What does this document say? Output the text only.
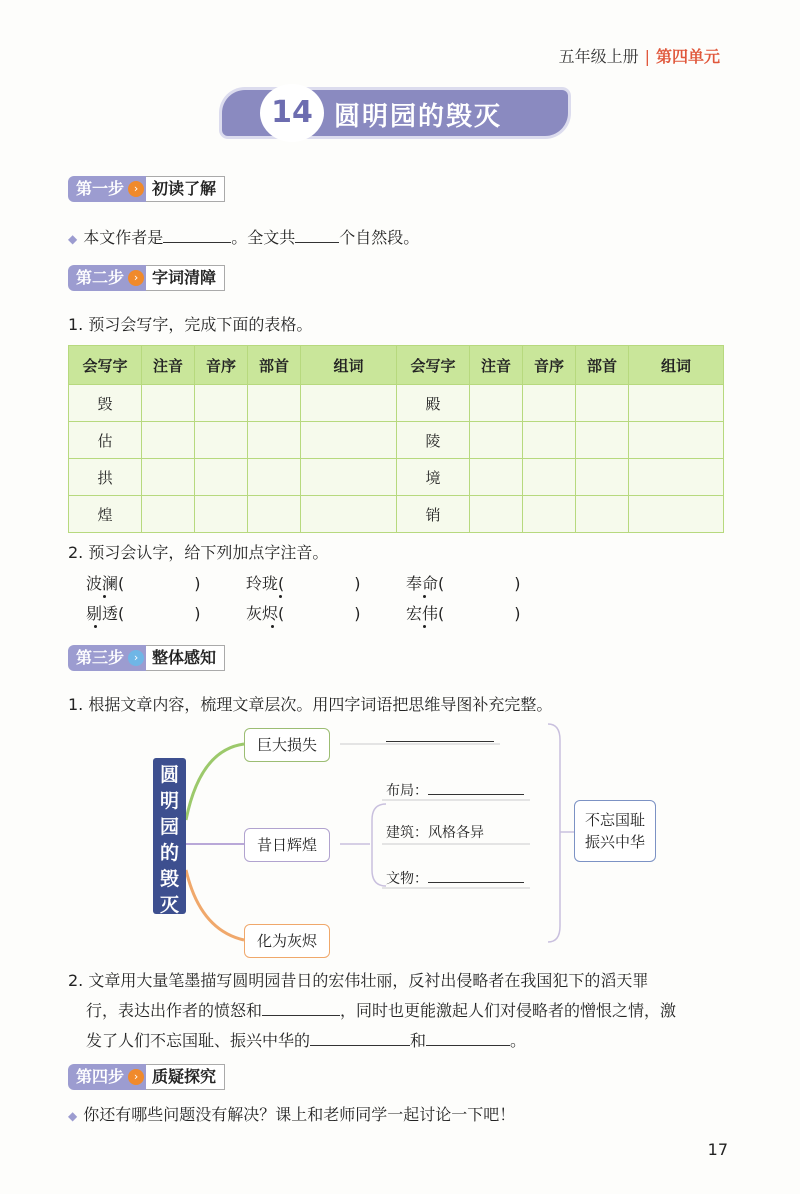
五年级上册 | 第四单元
14 圆明园的毁灭
第一步 › 初读了解
◆ 本文作者是	。全文共	个自然段。
第二步 › 字词清障
1. 预习会写字，完成下面的表格。
会写字	注音	音序	部首	组词	会写字	注音	音序	部首	组词
毁					殿				
估					陵				
拱					境				
煌					销				
2. 预习会认字，给下列加点字注音。
波澜(	)	玲珑(	)	奉命(	)
剔透(	)	灰烬(	)	宏伟(	)
第三步 › 整体感知
1. 根据文章内容，梳理文章层次。用四字词语把思维导图补充完整。
圆
明
园
的
毁
灭
巨大损失
昔日辉煌
化为灰烬
布局：
建筑：风格各异
文物：
不忘国耻
振兴中华
2. 文章用大量笔墨描写圆明园昔日的宏伟壮丽，反衬出侵略者在我国犯下的滔天罪
行，表达出作者的愤怒和	，同时也更能激起人们对侵略者的憎恨之情，激
发了人们不忘国耻、振兴中华的	和	。
第四步 › 质疑探究
◆ 你还有哪些问题没有解决？课上和老师同学一起讨论一下吧！
17
